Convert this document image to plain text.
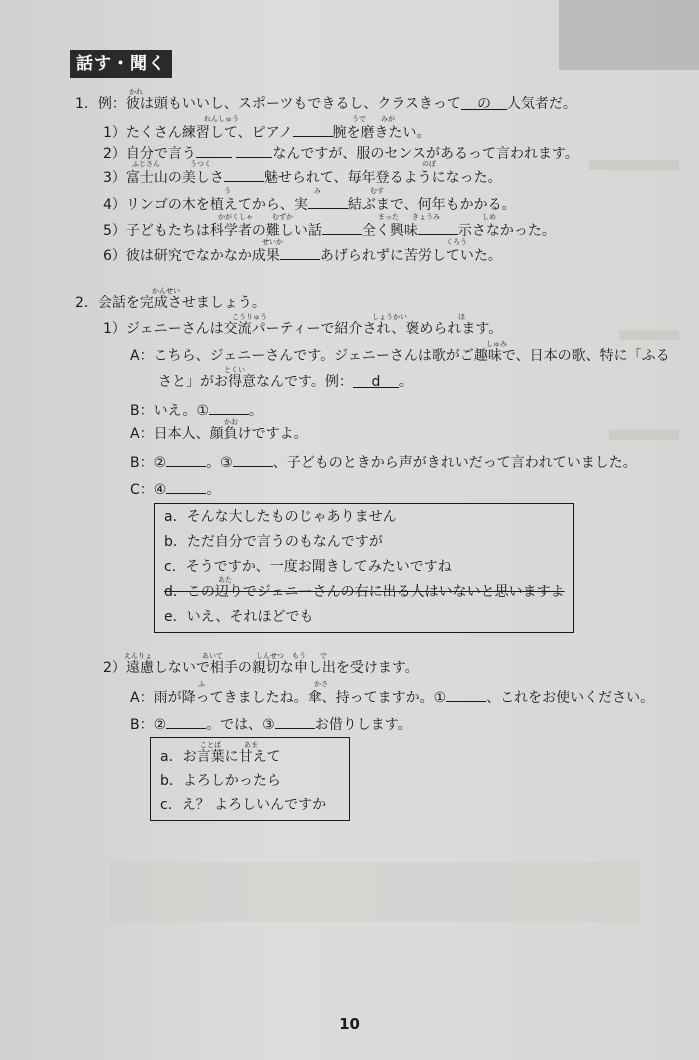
話す・聞く
かれ
1．例：彼は頭もいいし、スポーツもできるし、クラスきって の 人気者だ。
れんしゅう	うで みが
1）たくさん練習して、ピアノ	腕を磨きたい。
2）自分で言う	なんですが、服のセンスがあるって言われます。
ふじさん	うつく	のぼ
3）富士山の美しさ	魅せられて、毎年登るようになった。
う	み	むす
4）リンゴの木を植えてから、実	結ぶまで、何年もかかる。
かがくしゃ	むずか	まった きょうみ	しめ
5）子どもたちは科学者の難しい話	全く興味	示さなかった。
せいか	くろう
6）彼は研究でなかなか成果	あげられずに苦労していた。
かんせい
2．会話を完成させましょう。
こうりゅう	しょうかい	ほ
1）ジェニーさんは交流パーティーで紹介され、褒められます。
しゅみ
A：こちら、ジェニーさんです。ジェニーさんは歌がご趣味で、日本の歌、特に「ふる
とくい
さと」がお得意なんです。例： d 。
B：いえ。①	。
かお
A：日本人、顔負けですよ。
B：②	。③	、子どものときから声がきれいだって言われていました。
C：④	。
a．そんな大したものじゃありません
b．ただ自分で言うのもなんですが
c．そうですか、一度お聞きしてみたいですね
あた
d．この辺りでジェニーさんの右に出る人はいないと思いますよ
e．いえ、それほどでも
えんりょ	あいて	しんせつ もう で
2）遠慮しないで相手の親切な申し出を受けます。
ふ	かさ
A：雨が降ってきましたね。傘、持ってますか。①	、これをお使いください。
B：②	。では、③	お借りします。
ことば	あま
a．お言葉に甘えて
b．よろしかったら
c．え？ よろしいんですか
10
